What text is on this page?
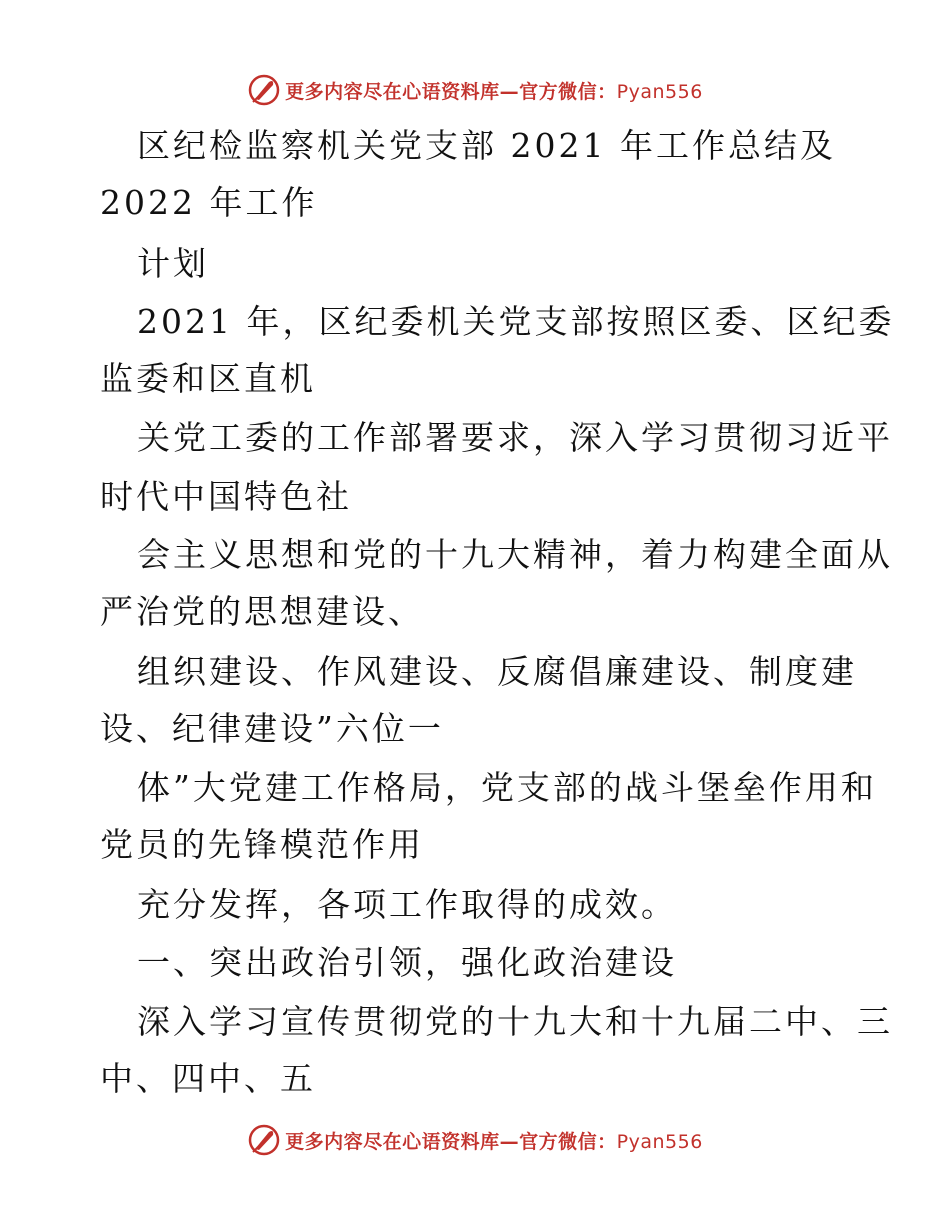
更多内容尽在心语资料库—官方微信：Pyan556
区纪检监察机关党支部 2021 年工作总结及
2022 年工作
计划
2021 年，区纪委机关党支部按照区委、区纪委
监委和区直机
关党工委的工作部署要求，深入学习贯彻习近平
时代中国特色社
会主义思想和党的十九大精神，着力构建全面从
严治党的思想建设、
组织建设、作风建设、反腐倡廉建设、制度建
设、纪律建设”六位一
体”大党建工作格局，党支部的战斗堡垒作用和
党员的先锋模范作用
充分发挥，各项工作取得的成效。
一、突出政治引领，强化政治建设
深入学习宣传贯彻党的十九大和十九届二中、三
中、四中、五
更多内容尽在心语资料库—官方微信：Pyan556
